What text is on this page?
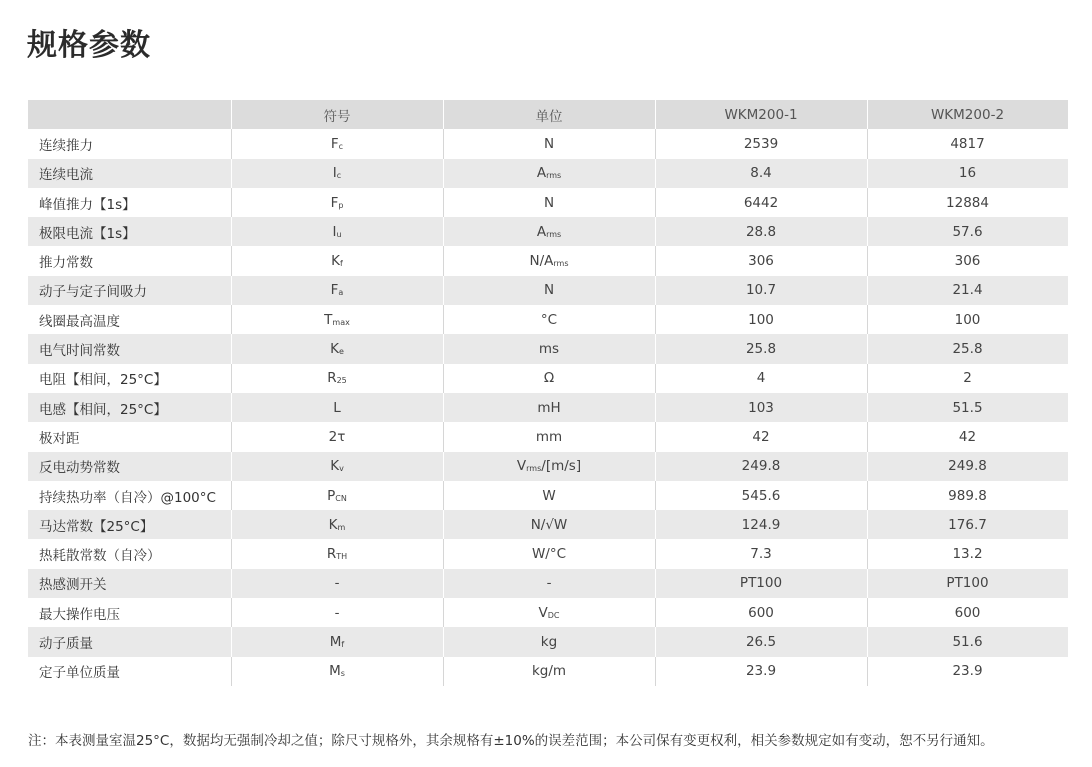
规格参数
	符号	单位	WKM200-1	WKM200-2
连续推力	Fc	N	2539	4817
连续电流	Ic	Arms	8.4	16
峰值推力【1s】	Fp	N	6442	12884
极限电流【1s】	Iu	Arms	28.8	57.6
推力常数	Kf	N/Arms	306	306
动子与定子间吸力	Fa	N	10.7	21.4
线圈最高温度	Tmax	°C	100	100
电气时间常数	Ke	ms	25.8	25.8
电阻【相间，25°C】	R25	Ω	4	2
电感【相间，25°C】	L	mH	103	51.5
极对距	2τ	mm	42	42
反电动势常数	Kv	Vrms/[m/s]	249.8	249.8
持续热功率（自冷）@100°C	PCN	W	545.6	989.8
马达常数【25°C】	Km	N/√W	124.9	176.7
热耗散常数（自冷）	RTH	W/°C	7.3	13.2
热感测开关	-	-	PT100	PT100
最大操作电压	-	VDC	600	600
动子质量	Mf	kg	26.5	51.6
定子单位质量	Ms	kg/m	23.9	23.9

注：本表测量室温25°C，数据均无强制冷却之值；除尺寸规格外，其余规格有±10%的误差范围；本公司保有变更权利，相关参数规定如有变动，恕不另行通知。
